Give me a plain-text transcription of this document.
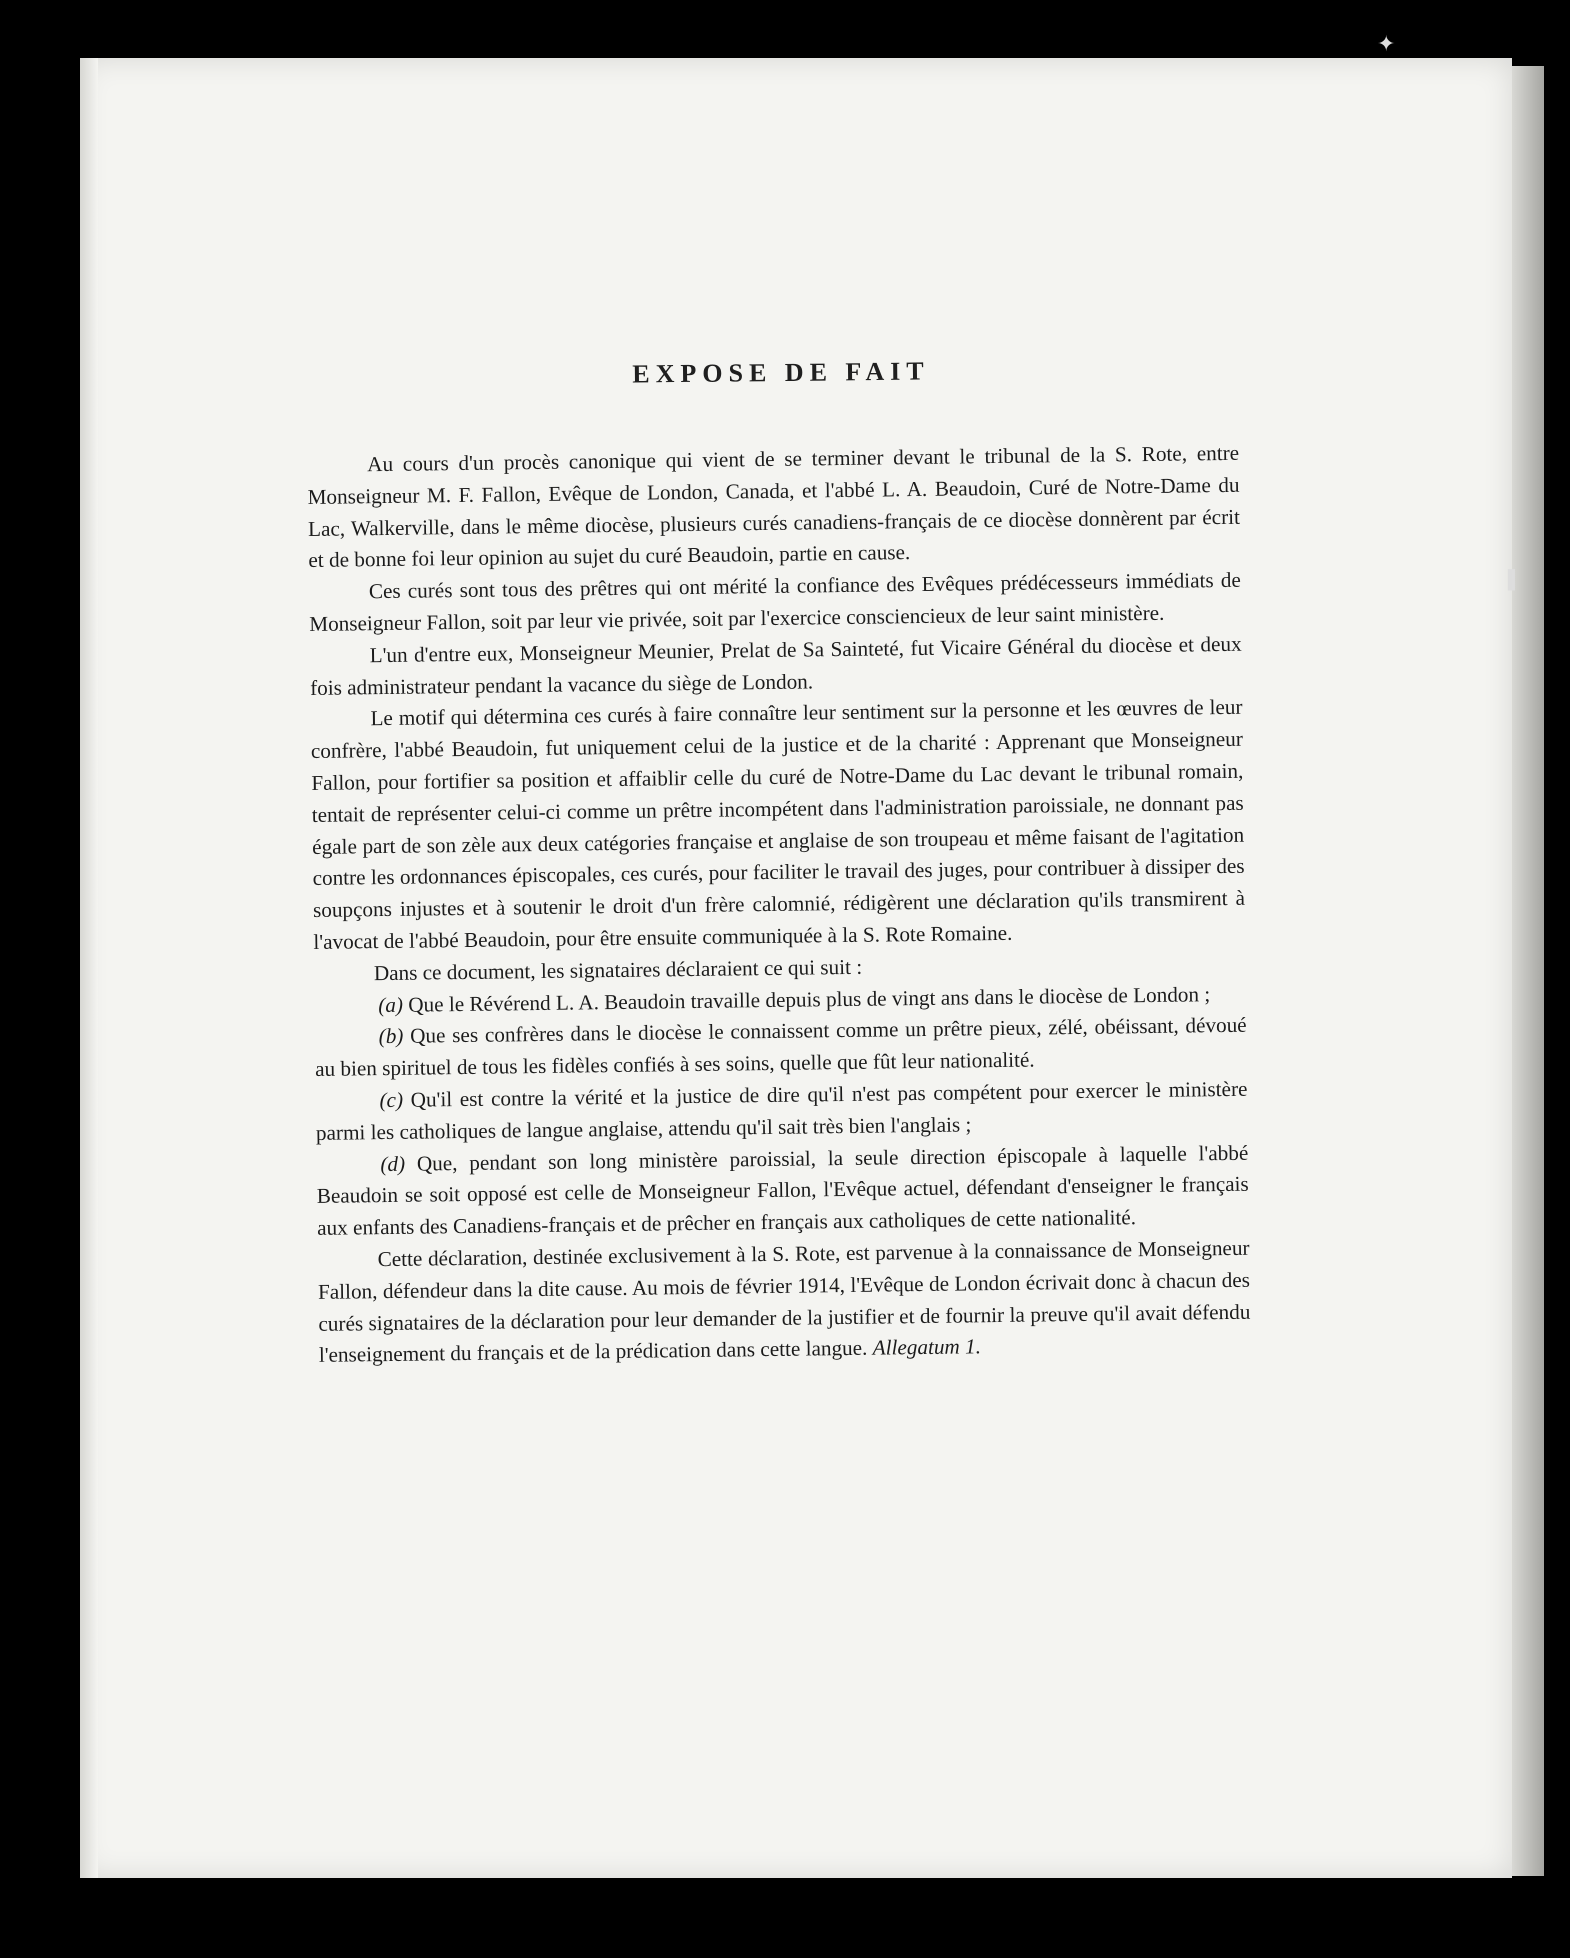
✦
▌
EXPOSE DE FAIT

Au cours d'un procès canonique qui vient de se terminer devant le tribunal de la S. Rote, entre Monseigneur M. F. Fallon, Evêque de London, Canada, et l'abbé L. A. Beaudoin, Curé de Notre-Dame du Lac, Walkerville, dans le même diocèse, plusieurs curés canadiens-français de ce diocèse donnèrent par écrit et de bonne foi leur opinion au sujet du curé Beaudoin, partie en cause.

Ces curés sont tous des prêtres qui ont mérité la confiance des Evêques prédécesseurs immédiats de Monseigneur Fallon, soit par leur vie privée, soit par l'exercice consciencieux de leur saint ministère.

L'un d'entre eux, Monseigneur Meunier, Prelat de Sa Sainteté, fut Vicaire Général du diocèse et deux fois administrateur pendant la vacance du siège de London.

Le motif qui détermina ces curés à faire connaître leur sentiment sur la personne et les œuvres de leur confrère, l'abbé Beaudoin, fut uniquement celui de la justice et de la charité : Apprenant que Monseigneur Fallon, pour fortifier sa position et affaiblir celle du curé de Notre-Dame du Lac devant le tribunal romain, tentait de représenter celui-ci comme un prêtre incompétent dans l'administration paroissiale, ne donnant pas égale part de son zèle aux deux catégories française et anglaise de son troupeau et même faisant de l'agitation contre les ordonnances épiscopales, ces curés, pour faciliter le travail des juges, pour contribuer à dissiper des soupçons injustes et à soutenir le droit d'un frère calomnié, rédigèrent une déclaration qu'ils transmirent à l'avocat de l'abbé Beaudoin, pour être ensuite communiquée à la S. Rote Romaine.

Dans ce document, les signataires déclaraient ce qui suit :

(a) Que le Révérend L. A. Beaudoin travaille depuis plus de vingt ans dans le diocèse de London ;

(b) Que ses confrères dans le diocèse le connaissent comme un prêtre pieux, zélé, obéissant, dévoué au bien spirituel de tous les fidèles confiés à ses soins, quelle que fût leur nationalité.

(c) Qu'il est contre la vérité et la justice de dire qu'il n'est pas compétent pour exercer le ministère parmi les catholiques de langue anglaise, attendu qu'il sait très bien l'anglais ;

(d) Que, pendant son long ministère paroissial, la seule direction épiscopale à laquelle l'abbé Beaudoin se soit opposé est celle de Monseigneur Fallon, l'Evêque actuel, défendant d'enseigner le français aux enfants des Canadiens-français et de prêcher en français aux catholiques de cette nationalité.

Cette déclaration, destinée exclusivement à la S. Rote, est parvenue à la connaissance de Monseigneur Fallon, défendeur dans la dite cause. Au mois de février 1914, l'Evêque de London écrivait donc à chacun des curés signataires de la déclaration pour leur demander de la justifier et de fournir la preuve qu'il avait défendu l'enseignement du français et de la prédication dans cette langue. Allegatum 1.
